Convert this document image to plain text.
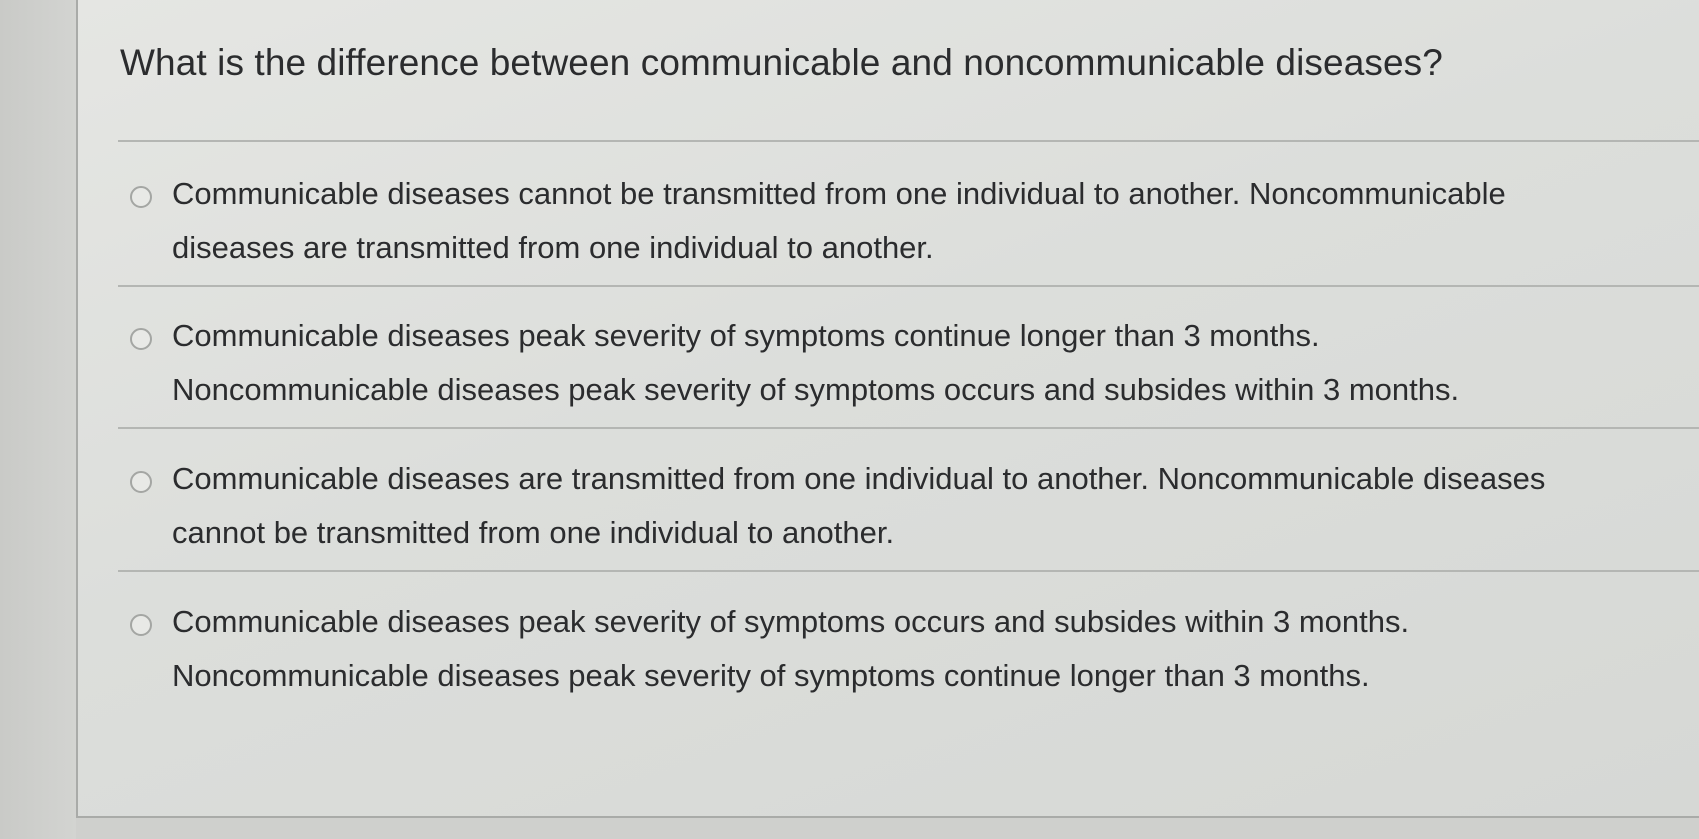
What is the difference between communicable and noncommunicable diseases?
Communicable diseases cannot be transmitted from one individual to another. Noncommunicable
diseases are transmitted from one individual to another.
Communicable diseases peak severity of symptoms continue longer than 3 months.
Noncommunicable diseases peak severity of symptoms occurs and subsides within 3 months.
Communicable diseases are transmitted from one individual to another. Noncommunicable diseases
cannot be transmitted from one individual to another.
Communicable diseases peak severity of symptoms occurs and subsides within 3 months.
Noncommunicable diseases peak severity of symptoms continue longer than 3 months.
